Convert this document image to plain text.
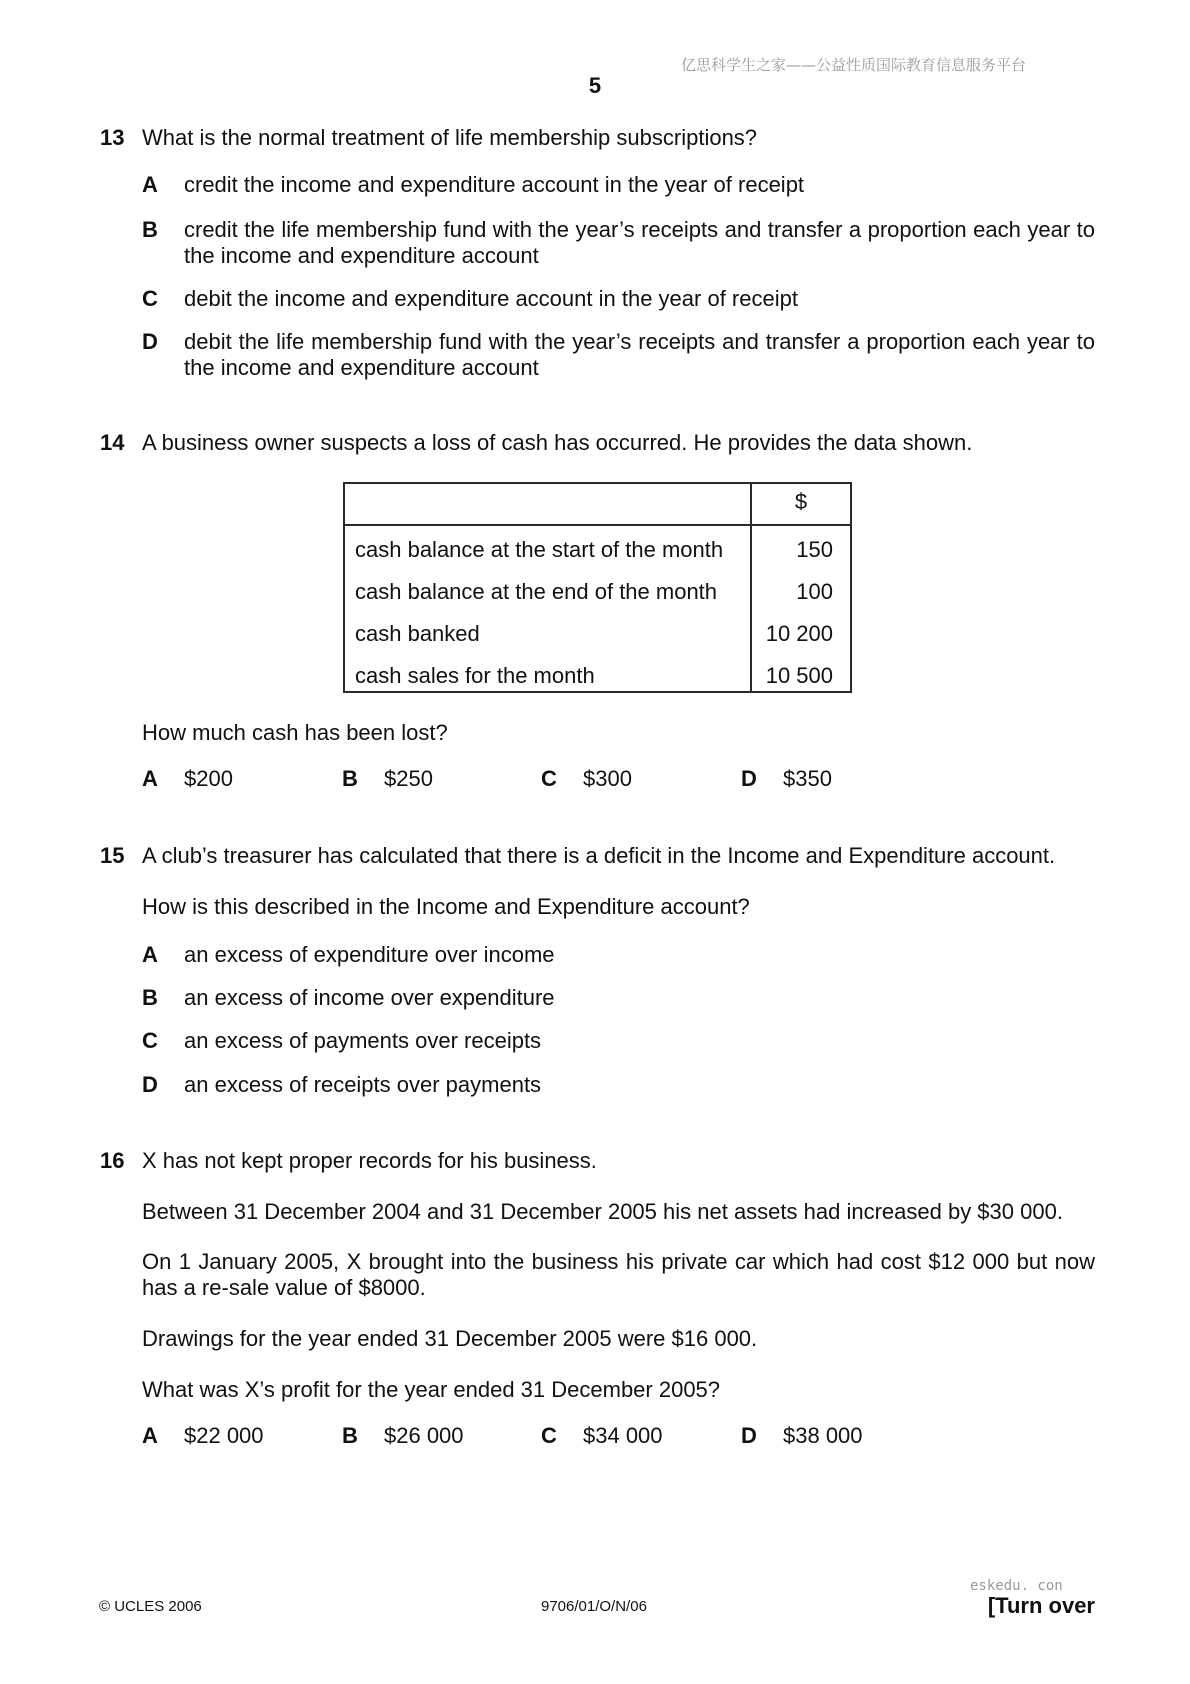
亿思科学生之家——公益性质国际教育信息服务平台
5
13 What is the normal treatment of life membership subscriptions?
A credit the income and expenditure account in the year of receipt
B credit the life membership fund with the year’s receipts and transfer a proportion each year to
the income and expenditure account
C debit the income and expenditure account in the year of receipt
D debit the life membership fund with the year’s receipts and transfer a proportion each year to
the income and expenditure account
14 A business owner suspects a loss of cash has occurred. He provides the data shown.
$
cash balance at the start of the month	150
cash balance at the end of the month	100
cash banked	10 200
cash sales for the month	10 500
How much cash has been lost?
A $200	B $250	C $300	D $350
15 A club’s treasurer has calculated that there is a deficit in the Income and Expenditure account.
How is this described in the Income and Expenditure account?
A an excess of expenditure over income
B an excess of income over expenditure
C an excess of payments over receipts
D an excess of receipts over payments
16 X has not kept proper records for his business.
Between 31 December 2004 and 31 December 2005 his net assets had increased by $30 000.
On 1 January 2005, X brought into the business his private car which had cost $12 000 but now
has a re-sale value of $8000.
Drawings for the year ended 31 December 2005 were $16 000.
What was X’s profit for the year ended 31 December 2005?
A $22 000	B $26 000	C $34 000	D $38 000
eskedu. con
© UCLES 2006	9706/01/O/N/06	[Turn over
